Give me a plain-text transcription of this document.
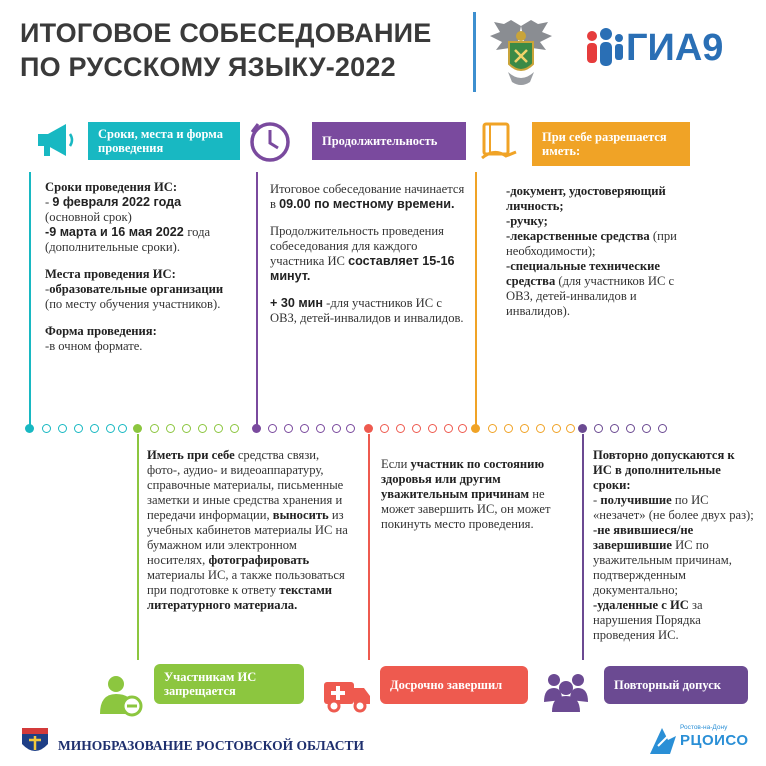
ИТОГОВОЕ СОБЕСЕДОВАНИЕ
ПО РУССКОМУ ЯЗЫКУ-2022	ГИА9
Сроки, места и форма проведения	Продолжительность	При себе разрешается иметь:

Сроки проведения ИС:
- 9 февраля 2022 года
(основной срок)
-9 марта и 16 мая 2022 года
(дополнительные сроки).

Места проведения ИС:
-образовательные организации
(по месту обучения участников).

Форма проведения:
-в очном формате.

Итоговое собеседование начинается в 09.00 по местному времени.

Продолжительность проведения собеседования для каждого участника ИС составляет 15-16 минут.

+ 30 мин -для участников ИС с ОВЗ, детей-инвалидов и инвалидов.

-документ, удостоверяющий личность;
-ручку;
-лекарственные средства (при необходимости);
-специальные технические средства (для участников ИС с ОВЗ, детей-инвалидов и инвалидов).
Иметь при себе средства связи, фото-, аудио- и видеоаппаратуру, справочные материалы, письменные заметки и иные средства хранения и передачи информации, выносить из учебных кабинетов материалы ИС на бумажном или электронном носителях, фотографировать материалы ИС, а также пользоваться при подготовке к ответу текстами литературного материала.
Если участник по состоянию здоровья или другим уважительным причинам не может завершить ИС, он может покинуть место проведения.
Повторно допускаются к ИС в дополнительные сроки:
- получившие по ИС «незачет» (не более двух раз);
-не явившиеся/не завершившие ИС по уважительным причинам, подтвержденным документально;
-удаленные с ИС за нарушения Порядка проведения ИС.
Участникам ИС запрещается	Досрочно завершил	Повторный допуск
МИНОБРАЗОВАНИЕ РОСТОВСКОЙ ОБЛАСТИ
Ростов-на-Дону
РЦОИСО
